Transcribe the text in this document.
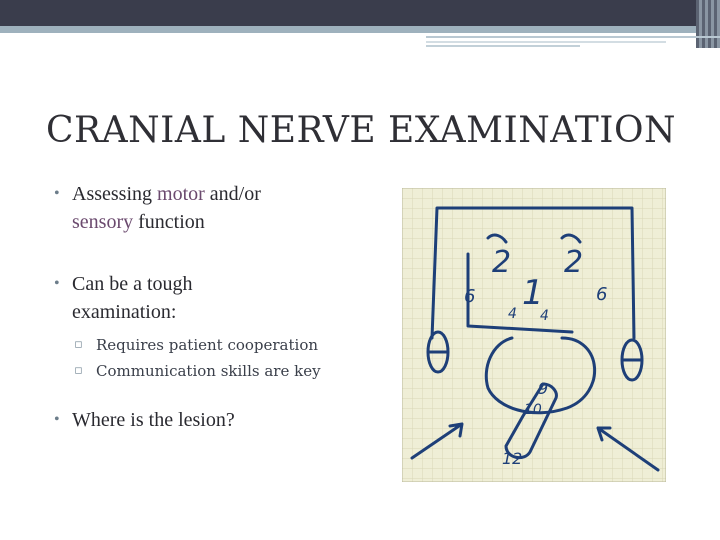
CRANIAL NERVE EXAMINATION
• Assessing motor and/or
sensory function
• Can be a tough
examination:
▫ Requires patient cooperation
▫ Communication skills are key
• Where is the lesion?
2 2
1
6	6
4 4
9
10
12
